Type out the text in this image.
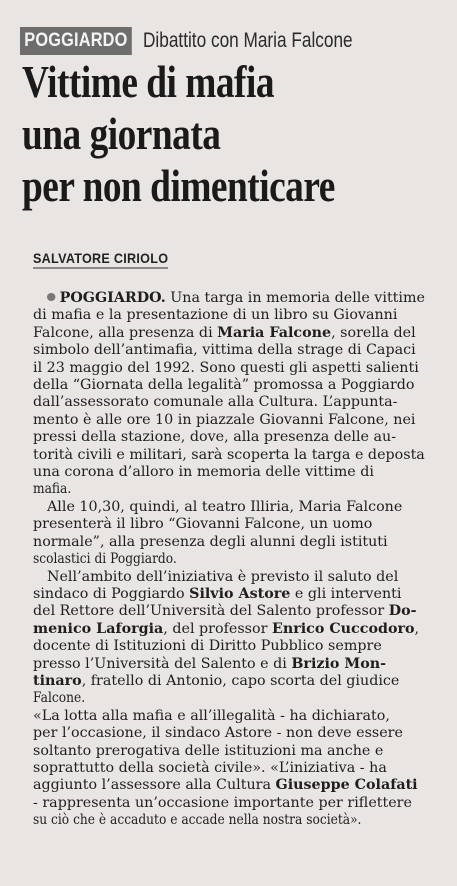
POGGIARDO Dibattito con Maria Falcone
Vittime di mafia
una giornata
per non dimenticare
SALVATORE CIRIOLO
POGGIARDO. Una targa in memoria delle vittime
di mafia e la presentazione di un libro su Giovanni
Falcone, alla presenza di Maria Falcone, sorella del
simbolo dell’antimafia, vittima della strage di Capaci
il 23 maggio del 1992. Sono questi gli aspetti salienti
della “Giornata della legalità” promossa a Poggiardo
dall’assessorato comunale alla Cultura. L’appunta-
mento è alle ore 10 in piazzale Giovanni Falcone, nei
pressi della stazione, dove, alla presenza delle au-
torità civili e militari, sarà scoperta la targa e deposta
una corona d’alloro in memoria delle vittime di
mafia.
Alle 10,30, quindi, al teatro Illiria, Maria Falcone
presenterà il libro “Giovanni Falcone, un uomo
normale”, alla presenza degli alunni degli istituti
scolastici di Poggiardo.
Nell’ambito dell’iniziativa è previsto il saluto del
sindaco di Poggiardo Silvio Astore e gli interventi
del Rettore dell’Università del Salento professor Do-
menico Laforgia, del professor Enrico Cuccodoro,
docente di Istituzioni di Diritto Pubblico sempre
presso l’Università del Salento e di Brizio Mon-
tinaro, fratello di Antonio, capo scorta del giudice
Falcone.
«La lotta alla mafia e all’illegalità - ha dichiarato,
per l’occasione, il sindaco Astore - non deve essere
soltanto prerogativa delle istituzioni ma anche e
soprattutto della società civile». «L’iniziativa - ha
aggiunto l’assessore alla Cultura Giuseppe Colafati
- rappresenta un’occasione importante per riflettere
su ciò che è accaduto e accade nella nostra società».
